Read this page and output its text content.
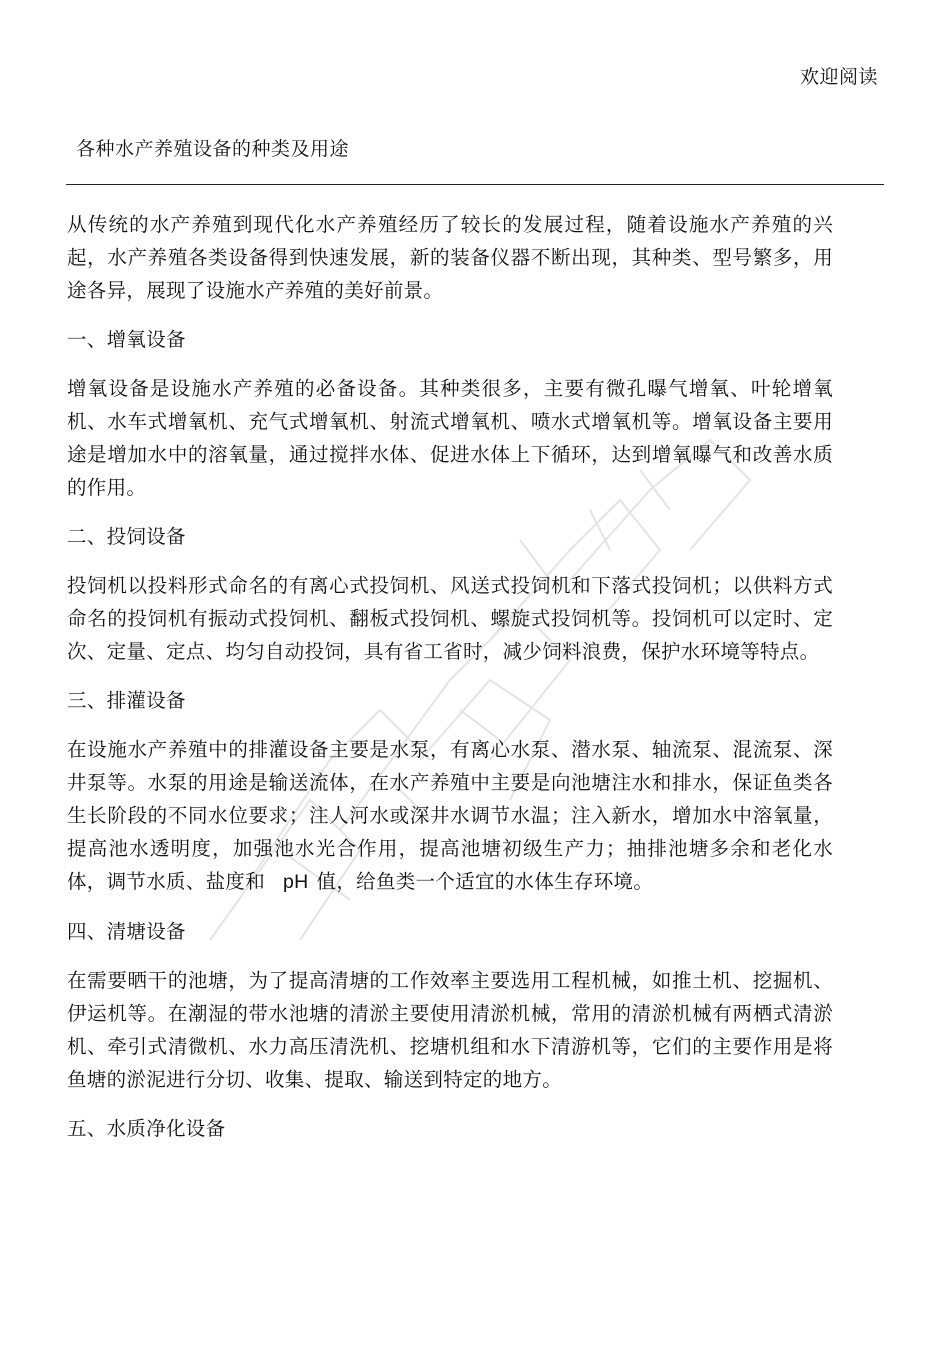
欢迎阅读
各种水产养殖设备的种类及用途

从传统的水产养殖到现代化水产养殖经历了较长的发展过程，随着设施水产养殖的兴起，水产养殖各类设备得到快速发展，新的装备仪器不断出现，其种类、型号繁多，用途各异，展现了设施水产养殖的美好前景。

一、增氧设备

增氧设备是设施水产养殖的必备设备。其种类很多，主要有微孔曝气增氧、叶轮增氧机、水车式增氧机、充气式增氧机、射流式增氧机、喷水式增氧机等。增氧设备主要用途是增加水中的溶氧量，通过搅拌水体、促进水体上下循环，达到增氧曝气和改善水质的作用。

二、投饲设备

投饲机以投料形式命名的有离心式投饲机、风送式投饲机和下落式投饲机；以供料方式命名的投饲机有振动式投饲机、翻板式投饲机、螺旋式投饲机等。投饲机可以定时、定次、定量、定点、均匀自动投饲，具有省工省时，减少饲料浪费，保护水环境等特点。

三、排灌设备

在设施水产养殖中的排灌设备主要是水泵，有离心水泵、潜水泵、轴流泵、混流泵、深井泵等。水泵的用途是输送流体，在水产养殖中主要是向池塘注水和排水，保证鱼类各生长阶段的不同水位要求；注人河水或深井水调节水温；注入新水，增加水中溶氧量，提高池水透明度，加强池水光合作用，提高池塘初级生产力；抽排池塘多余和老化水体，调节水质、盐度和 pH 值，给鱼类一个适宜的水体生存环境。

四、清塘设备

在需要晒干的池塘，为了提高清塘的工作效率主要选用工程机械，如推土机、挖掘机、伊运机等。在潮湿的带水池塘的清淤主要使用清淤机械，常用的清淤机械有两栖式清淤机、牵引式清微机、水力高压清洗机、挖塘机组和水下清游机等，它们的主要作用是将鱼塘的淤泥进行分切、收集、提取、输送到特定的地方。

五、水质净化设备
